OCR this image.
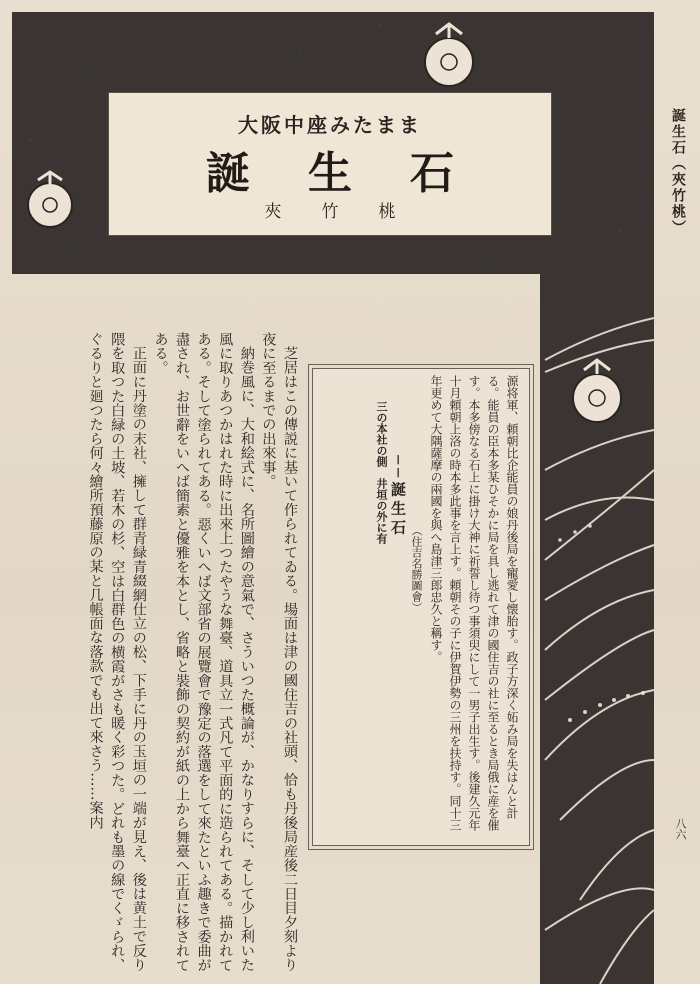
大阪中座みたまま
誕生石
夾竹桃	誕生石（夾竹桃）
八六

源将軍、頼朝比企能員の娘丹後局を寵愛し懐胎す。政子方深く妬み局を失はんと計る。能員の臣本多某ひそかに局を具し逃れて津の國住吉の社に至るとき局俄に産を催す。本多傍なる石上に掛け大神に祈誓し待つ事須臾にして一男子出生す。後建久元年十月頼朝上洛の時本多此事を言上す。頼朝その子に伊賀伊勢の三州を扶持す。同十三年更めて大隅薩摩の兩國を與へ島津三郎忠久と稱す。

（住吉名勝圖會）

──誕生石

三の本社の側　井垣の外に有

芝居はこの傳説に基いて作られてゐる。場面は津の國住吉の社頭、恰も丹後局産後二日目夕刻より夜に至るまでの出來事。

納巻風に、大和絵式に、名所圖繪の意氣で、さういつた概論が、かなりすらに、そして少し利いた風に取りあつかはれた時に出來上つたやうな舞臺、道具立一式凡て平面的に造られてある。描かれてある。そして塗られてある。惡くいへば文部省の展覽會で豫定の落選をして來たといふ趣きで委曲が盡され、お世辭をいへば簡素と優雅を本とし、省略と裝飾の契約が紙の上から舞臺へ正直に移されてある。

正面に丹塗の末社、擁して群青緑青綴網仕立の松、下手に丹の玉垣の一端が見え、後は黄土で反り隈を取つた白緑の土坡、若木の杉、空は白群色の横霞がさも暖く彩つた。どれも墨の線でくゞられ、ぐるりと廻つたら何々繪所預藤原の某と几帳面な落款でも出て來さう……案内
